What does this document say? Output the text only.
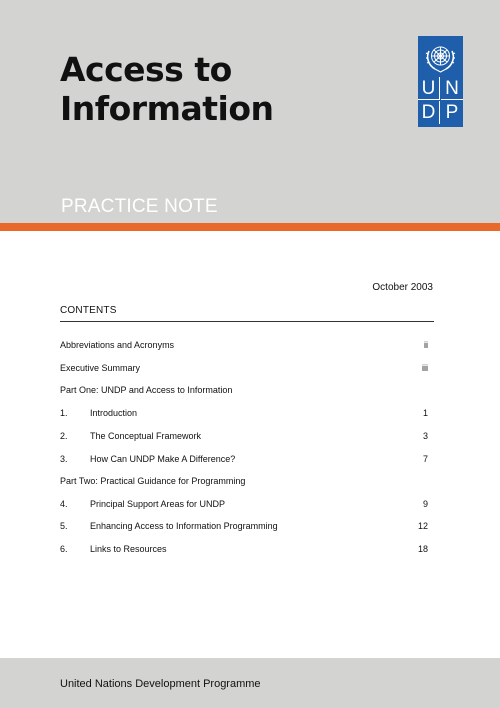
Access to
Information
PRACTICE NOTE
U N
D P
October 2003
CONTENTS
Abbreviations and Acronyms	ii
Executive Summary	iii
Part One: UNDP and Access to Information
1. Introduction	1
2. The Conceptual Framework	3
3. How Can UNDP Make A Difference?	7
Part Two: Practical Guidance for Programming
4. Principal Support Areas for UNDP	9
5. Enhancing Access to Information Programming	12
6. Links to Resources	18
United Nations Development Programme
